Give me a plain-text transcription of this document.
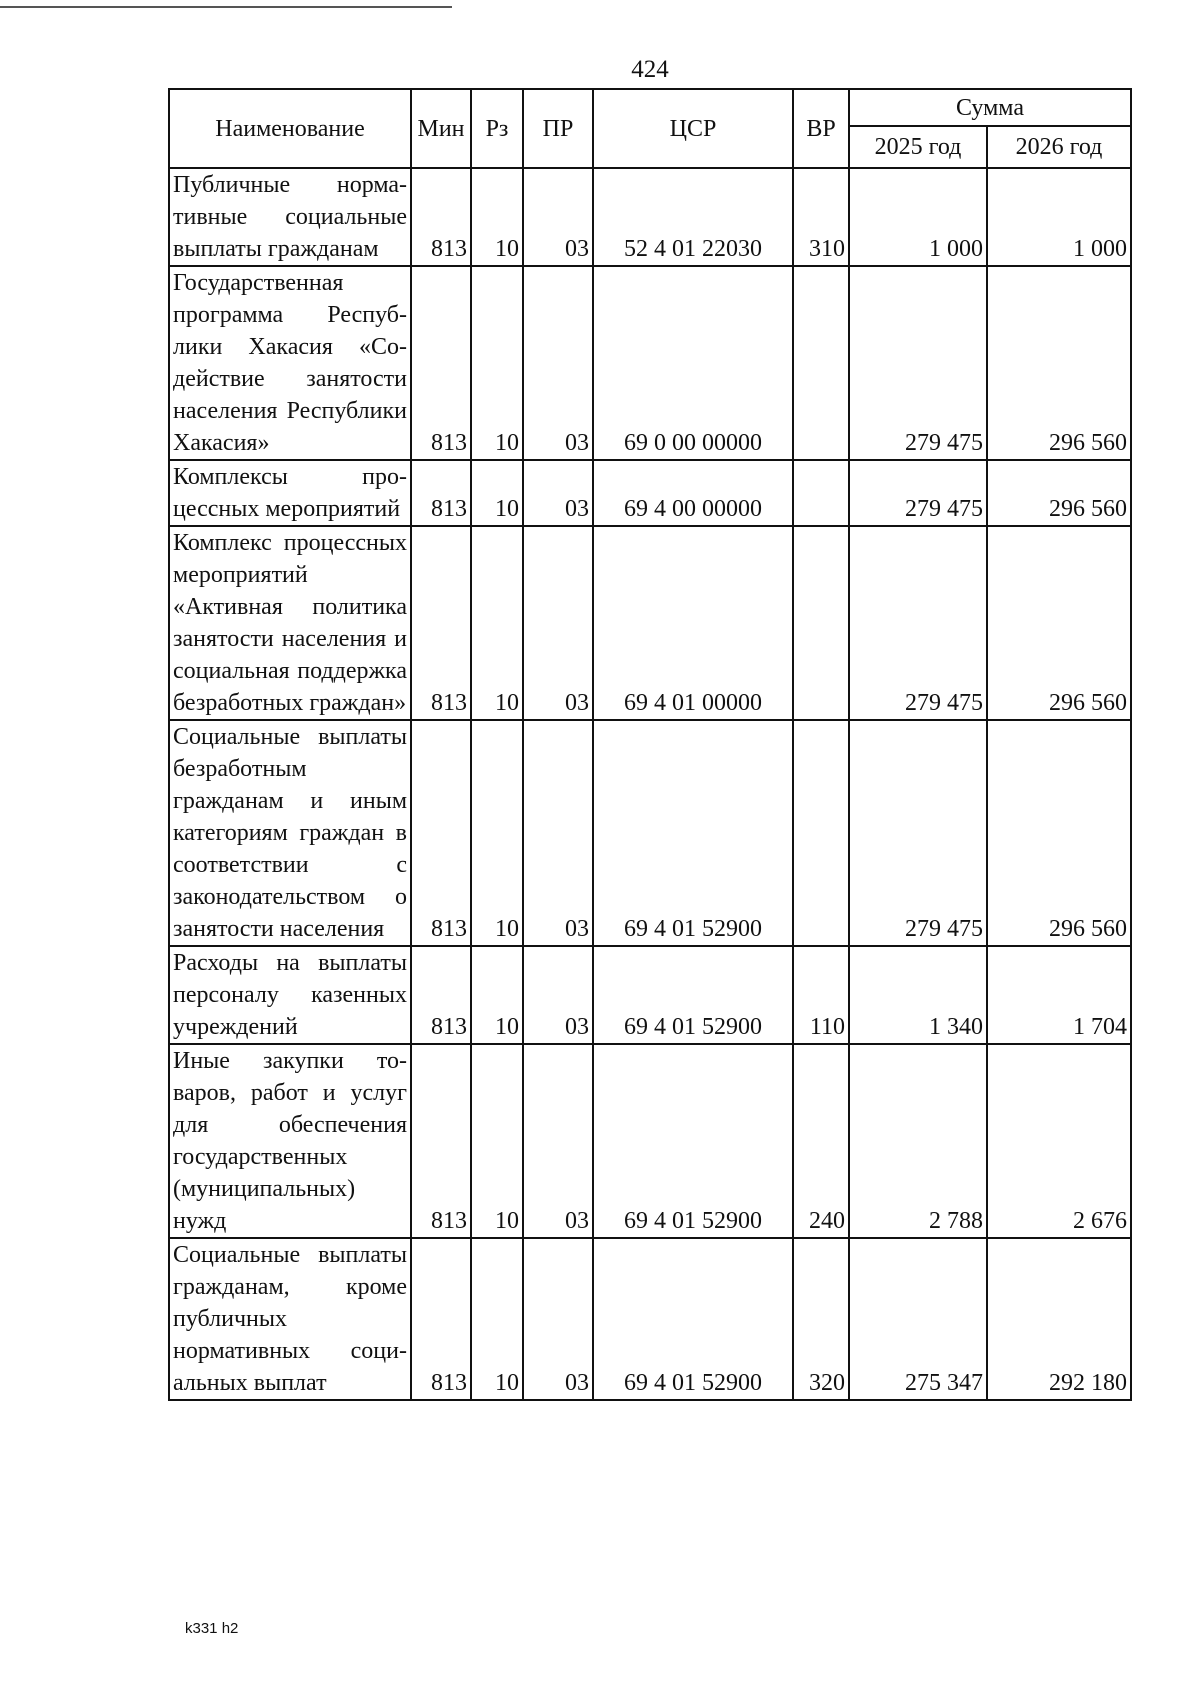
424
Наименование	Мин	Рз	ПР	ЦСР	ВР	Сумма	
						2025 год	2026 год
Публичные нормативные социальные выплаты гражданам	813	10	03	52 4 01 22030	310	1 000	1 000
Государственная программа Республики Хакасия «Содействие занятости населения Республики Хакасия»	813	10	03	69 0 00 00000		279 475	296 560
Комплексы процессных мероприятий	813	10	03	69 4 00 00000		279 475	296 560
Комплекс процессных мероприятий «Активная политика занятости населения и социальная поддержка безработных граждан»	813	10	03	69 4 01 00000		279 475	296 560
Социальные выплаты безработным гражданам и иным категориям граждан в соответствии с законодательством о занятости населения	813	10	03	69 4 01 52900		279 475	296 560
Расходы на выплаты персоналу казенных учреждений	813	10	03	69 4 01 52900	110	1 340	1 704
Иные закупки товаров, работ и услуг для обеспечения государственных (муниципальных) нужд	813	10	03	69 4 01 52900	240	2 788	2 676
Социальные выплаты гражданам, кроме публичных нормативных социальных выплат	813	10	03	69 4 01 52900	320	275 347	292 180
k331 h2
